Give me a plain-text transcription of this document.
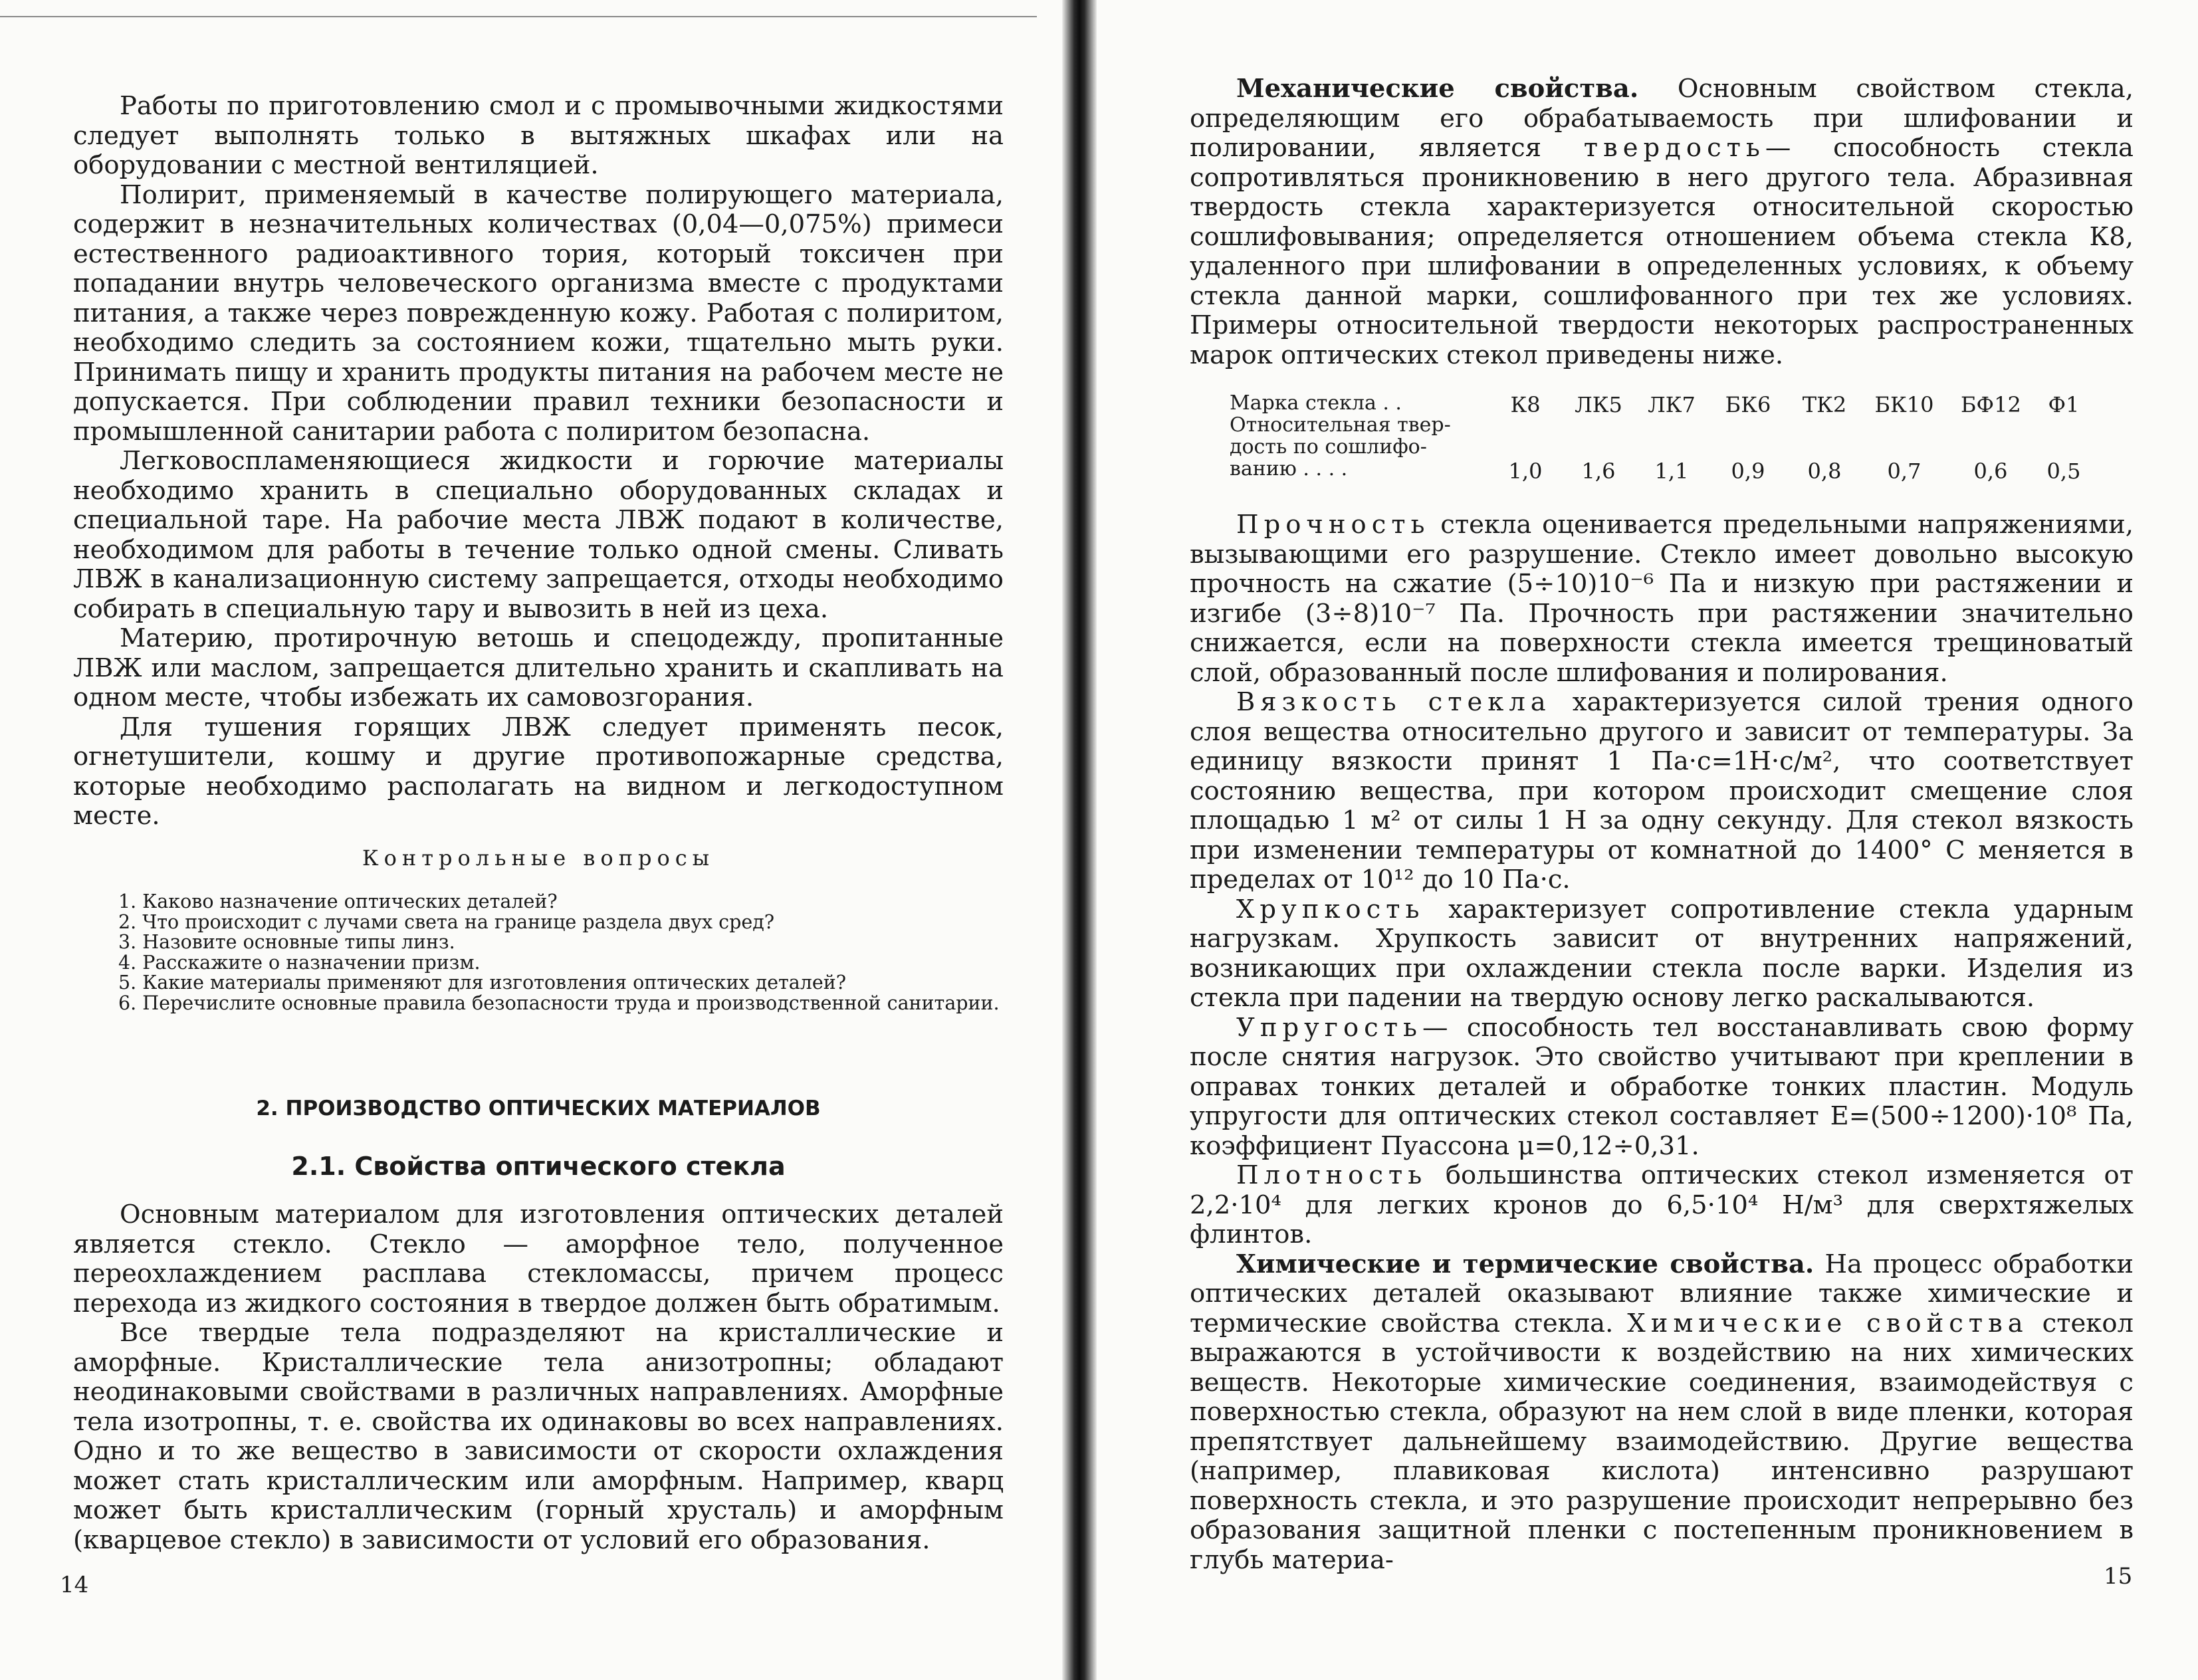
Работы по приготовлению смол и с промывочными жидкостями следует выполнять только в вытяжных шкафах или на оборудовании с местной вентиляцией.

Полирит, применяемый в качестве полирующего материала, содержит в незначительных количествах (0,04—0,075%) примеси естественного радиоактивного тория, который токсичен при попадании внутрь человеческого организма вместе с продуктами питания, а также через поврежденную кожу. Работая с полиритом, необходимо следить за состоянием кожи, тщательно мыть руки. Принимать пищу и хранить продукты питания на рабочем месте не допускается. При соблюдении правил техники безопасности и промышленной санитарии работа с полиритом безопасна.

Легковоспламеняющиеся жидкости и горючие материалы необходимо хранить в специально оборудованных складах и специальной таре. На рабочие места ЛВЖ подают в количестве, необходимом для работы в течение только одной смены. Сливать ЛВЖ в канализационную систему запрещается, отходы необходимо собирать в специальную тару и вывозить в ней из цеха.

Материю, протирочную ветошь и спецодежду, пропитанные ЛВЖ или маслом, запрещается длительно хранить и скапливать на одном месте, чтобы избежать их самовозгорания.

Для тушения горящих ЛВЖ следует применять песок, огнетушители, кошму и другие противопожарные средства, которые необходимо располагать на видном и легкодоступном месте.

Контрольные вопросы
1. Каково назначение оптических деталей?
2. Что происходит с лучами света на границе раздела двух сред?
3. Назовите основные типы линз.
4. Расскажите о назначении призм.
5. Какие материалы применяют для изготовления оптических деталей?
6. Перечислите основные правила безопасности труда и производственной санитарии.
2. ПРОИЗВОДСТВО ОПТИЧЕСКИХ МАТЕРИАЛОВ
2.1. Свойства оптического стекла

Основным материалом для изготовления оптических деталей является стекло. Стекло — аморфное тело, полученное переохлаждением расплава стекломассы, причем процесс перехода из жидкого состояния в твердое должен быть обратимым.

Все твердые тела подразделяют на кристаллические и аморфные. Кристаллические тела анизотропны; обладают неодинаковыми свойствами в различных направлениях. Аморфные тела изотропны, т. е. свойства их одинаковы во всех направлениях. Одно и то же вещество в зависимости от скорости охлаждения может стать кристаллическим или аморфным. Например, кварц может быть кристаллическим (горный хрусталь) и аморфным (кварцевое стекло) в зависимости от условий его образования.

14

Механические свойства. Основным свойством стекла, определяющим его обрабатываемость при шлифовании и полировании, является твердость— способность стекла сопротивляться проникновению в него другого тела. Абразивная твердость стекла характеризуется относительной скоростью сошлифовывания; определяется отношением объема стекла К8, удаленного при шлифовании в определенных условиях, к объему стекла данной марки, сошлифованного при тех же условиях. Примеры относительной твердости некоторых распространенных марок оптических стекол приведены ниже.

Марка стекла . .
Относительная твер-
дость по сошлифо-
ванию . . . .
К8
1,0
ЛК5
1,6
ЛК7
1,1
БК6
0,9
ТК2
0,8
БК10
0,7
БФ12
0,6
Ф1
0,5

Прочность стекла оценивается предельными напряжениями, вызывающими его разрушение. Стекло имеет довольно высокую прочность на сжатие (5÷10)10⁻⁶ Па и низкую при растяжении и изгибе (3÷8)10⁻⁷ Па. Прочность при растяжении значительно снижается, если на поверхности стекла имеется трещиноватый слой, образованный после шлифования и полирования.

Вязкость стекла характеризуется силой трения одного слоя вещества относительно другого и зависит от температуры. За единицу вязкости принят 1 Па·с=1Н·с/м², что соответствует состоянию вещества, при котором происходит смещение слоя площадью 1 м² от силы 1 Н за одну секунду. Для стекол вязкость при изменении температуры от комнатной до 1400° С меняется в пределах от 10¹² до 10 Па·с.

Хрупкость характеризует сопротивление стекла ударным нагрузкам. Хрупкость зависит от внутренних напряжений, возникающих при охлаждении стекла после варки. Изделия из стекла при падении на твердую основу легко раскалываются.

Упругость— способность тел восстанавливать свою форму после снятия нагрузок. Это свойство учитывают при креплении в оправах тонких деталей и обработке тонких пластин. Модуль упругости для оптических стекол составляет E=(500÷1200)·10⁸ Па, коэффициент Пуассона μ=0,12÷0,31.

Плотность большинства оптических стекол изменяется от 2,2·10⁴ для легких кронов до 6,5·10⁴ Н/м³ для сверхтяжелых флинтов.

Химические и термические свойства. На процесс обработки оптических деталей оказывают влияние также химические и термические свойства стекла. Химические свойства стекол выражаются в устойчивости к воздействию на них химических веществ. Некоторые химические соединения, взаимодействуя с поверхностью стекла, образуют на нем слой в виде пленки, которая препятствует дальнейшему взаимодействию. Другие вещества (например, плавиковая кислота) интенсивно разрушают поверхность стекла, и это разрушение происходит непрерывно без образования защитной пленки с постепенным проникновением в глубь материа-

15
